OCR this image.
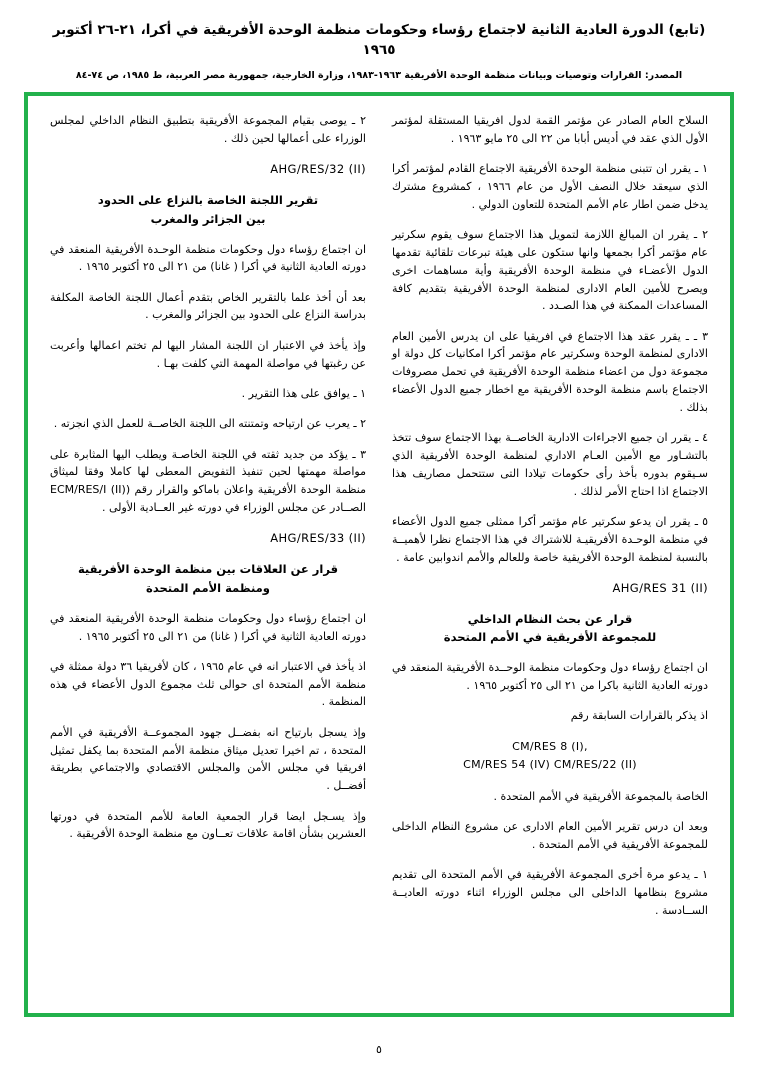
(تابع) الدورة العادية الثانية لاجتماع رؤساء وحكومات منظمة الوحدة الأفريقية في أكرا، ٢١-٢٦ أكتوبر ١٩٦٥
المصدر: القرارات وتوصيات وبيانات منظمة الوحدة الأفريقية ١٩٦٣-١٩٨٣، وزارة الخارجية، جمهورية مصر العربية، ط ١٩٨٥، ص ٧٤-٨٤
السلاح العام الصادر عن مؤتمر القمة لدول افريقيا المستقلة لمؤتمر الأول الذي عقد في أديس أبابا من ٢٢ الى ٢٥ مايو ١٩٦٣ .
١ ـ يقرر ان تتبنى منظمة الوحدة الأفريقية الاجتماع القادم لمؤتمر أكرا الذي سيعقد خلال النصف الأول من عام ١٩٦٦ ، كمشروع مشترك يدخل ضمن اطار عام الأمم المتحدة للتعاون الدولي .
٢ ـ يقرر ان المبالغ اللازمة لتمويل هذا الاجتماع سوف يقوم سكرتير عام مؤتمر أكرا بجمعها وانها ستكون على هيئة تبرعات تلقائية تقدمها الدول الأعضـاء في منظمة الوحدة الأفريقية وأية مساهمات اخرى ويصرح للأمين العام الادارى لمنظمة الوحدة الأفريقية بتقديم كافة المساعدات الممكنة في هذا الصـدد .
٣ ـ ـ يقرر عقد هذا الاجتماع في افريقيا على ان يدرس الأمين العام الادارى لمنظمة الوحدة وسكرتير عام مؤتمر أكرا امكانيات كل دولة او مجموعة دول من اعضاء منظمة الوحدة الأفريقية في تحمل مصروفات الاجتماع باسم منظمة الوحدة الأفريقية مع اخطار جميع الدول الأعضاء بذلك .
٤ ـ يقرر ان جميع الاجراءات الادارية الخاصــة بهذا الاجتماع سوف تتخذ بالتشـاور مع الأمين العـام الاداري لمنظمة الوحدة الأفريقية الذي سـيقوم بدوره بأخذ رأى حكومات تيلادا التى ستتحمل مصاريف هذا الاجتماع اذا احتاج الأمر لذلك .
٥ ـ يقرر ان يدعو سكرتير عام مؤتمر أكرا ممثلى جميع الدول الأعضاء في منظمة الوحـدة الأفريقيـة للاشتراك في هذا الاجتماع نظرا لأهميــة بالنسبة لمنظمة الوحدة الأفريقية خاصة وللعالم والأمم اندوابين عامة .
AHG/RES 31 (II)
قرار عن بحث النظام الداخلي
للمجموعة الأفريقية في الأمم المتحدة
ان اجتماع رؤساء دول وحكومات منظمة الوحــدة الأفريقية المنعقد في دورته العادية الثانية باكرا من ٢١ الى ٢٥ أكتوبر ١٩٦٥ .
اذ يذكر بالقرارات السابقة رقم
CM/RES 8 (I),
CM/RES 54 (IV) CM/RES/22 (II)
الخاصة بالمجموعة الأفريقية في الأمم المتحدة .
وبعد ان درس تقرير الأمين العام الادارى عن مشروع النظام الداخلى للمجموعة الأفريقية في الأمم المتحدة .
١ ـ يدعو مرة أخرى المجموعة الأفريقية في الأمم المتحدة الى تقديم مشروع بنظامها الداخلى الى مجلس الوزراء اثناء دورته العاديــة الســادسة .
٢ ـ يوصى بقيام المجموعة الأفريقية بتطبيق النظام الداخلي لمجلس الوزراء على أعمالها لحين ذلك .
AHG/RES/32 (II)
تقرير اللجنة الخاصة بالنزاع على الحدود
بين الجزائر والمغرب
ان اجتماع رؤساء دول وحكومات منظمة الوحـدة الأفريقية المنعقد في دورته العادية الثانية في أكرا ( غانا) من ٢١ الى ٢٥ أكتوبر ١٩٦٥ .
بعد أن أخذ علما بالتقرير الخاص بتقدم أعمال اللجنة الخاصة المكلفة بدراسة النزاع على الحدود بين الجزائر والمغرب .
وإذ يأخذ في الاعتبار ان اللجنة المشار اليها لم تختم اعمالها وأعربت عن رغبتها في مواصلة المهمة التي كلفت بهـا .
١ ـ يوافق على هذا التقرير .
٢ ـ يعرب عن ارتياحه وتمتنته الى اللجنة الخاصــة للعمل الذي انجزته .
٣ ـ يؤكد من جديد ثقته في اللجنة الخاصـة ويطلب اليها المثابرة على مواصلة مهمتها لحين تنفيذ التفويض المعطى لها كاملا وفقا لميثاق منظمة الوحدة الأفريقية واعلان باماكو والقرار رقم (ECM/RES/I (II) الصــادر عن مجلس الوزراء في دورته غير العــادية الأولى .
AHG/RES/33 (II)
قرار عن العلاقات بين منظمة الوحدة الأفريقية
ومنظمة الأمم المتحدة
ان اجتماع رؤساء دول وحكومات منظمة الوحدة الأفريقية المنعقد في دورته العادية الثانية في أكرا ( غانا) من ٢١ الى ٢٥ أكتوبر ١٩٦٥ .
اذ يأخذ في الاعتبار انه في عام ١٩٦٥ ، كان لأفريقيا ٣٦ دولة ممثلة في منظمة الأمم المتحدة اى حوالى ثلث مجموع الدول الأعضاء في هذه المنظمة .
وإذ يسجل بارتياح انه بفضــل جهود المجموعــة الأفريقية في الأمم المتحدة ، تم اخيرا تعديل ميثاق منظمة الأمم المتحدة بما يكفل تمثيل افريقيا في مجلس الأمن والمجلس الاقتصادي والاجتماعي بطريقة أفضــل .
وإذ يسـجل ايضا قرار الجمعية العامة للأمم المتحدة في دورتها العشرين بشأن اقامة علاقات تعــاون مع منظمة الوحدة الأفريقية .
٥
